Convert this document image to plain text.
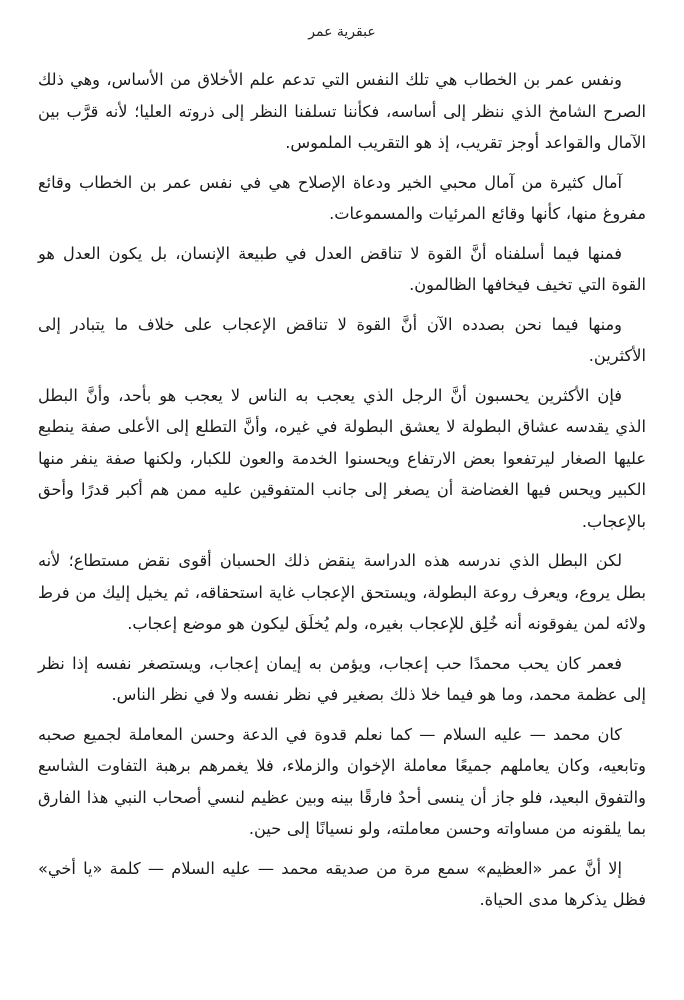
عبقرية عمر

ونفس عمر بن الخطاب هي تلك النفس التي تدعم علم الأخلاق من الأساس، وهي ذلك الصرح الشامخ الذي ننظر إلى أساسه، فكأننا تسلفنا النظر إلى ذروته العليا؛ لأنه قرَّب بين الآمال والقواعد أوجز تقريب، إذ هو التقريب الملموس.

آمال كثيرة من آمال محبي الخير ودعاة الإصلاح هي في نفس عمر بن الخطاب وقائع مفروغ منها، كأنها وقائع المرئيات والمسموعات.

فمنها فيما أسلفناه أنَّ القوة لا تناقض العدل في طبيعة الإنسان، بل يكون العدل هو القوة التي تخيف فيخافها الظالمون.

ومنها فيما نحن بصدده الآن أنَّ القوة لا تناقض الإعجاب على خلاف ما يتبادر إلى الأكثرين.

فإن الأكثرين يحسبون أنَّ الرجل الذي يعجب به الناس لا يعجب هو بأحد، وأنَّ البطل الذي يقدسه عشاق البطولة لا يعشق البطولة في غيره، وأنَّ التطلع إلى الأعلى صفة ينطبع عليها الصغار ليرتفعوا بعض الارتفاع ويحسنوا الخدمة والعون للكبار، ولكنها صفة ينفر منها الكبير ويحس فيها الغضاضة أن يصغر إلى جانب المتفوقين عليه ممن هم أكبر قدرًا وأحق بالإعجاب.

لكن البطل الذي ندرسه هذه الدراسة ينقض ذلك الحسبان أقوى نقض مستطاع؛ لأنه بطل يروع، ويعرف روعة البطولة، ويستحق الإعجاب غاية استحقاقه، ثم يخيل إليك من فرط ولائه لمن يفوقونه أنه خُلِق للإعجاب بغيره، ولم يُخلَق ليكون هو موضع إعجاب.

فعمر كان يحب محمدًا حب إعجاب، ويؤمن به إيمان إعجاب، ويستصغر نفسه إذا نظر إلى عظمة محمد، وما هو فيما خلا ذلك بصغير في نظر نفسه ولا في نظر الناس.

كان محمد — عليه السلام — كما نعلم قدوة في الدعة وحسن المعاملة لجميع صحبه وتابعيه، وكان يعاملهم جميعًا معاملة الإخوان والزملاء، فلا يغمرهم برهبة التفاوت الشاسع والتفوق البعيد، فلو جاز أن ينسى أحدٌ فارقًا بينه وبين عظيم لنسي أصحاب النبي هذا الفارق بما يلقونه من مساواته وحسن معاملته، ولو نسيانًا إلى حين.

إلا أنَّ عمر «العظيم» سمع مرة من صديقه محمد — عليه السلام — كلمة «يا أخي» فظل يذكرها مدى الحياة.
